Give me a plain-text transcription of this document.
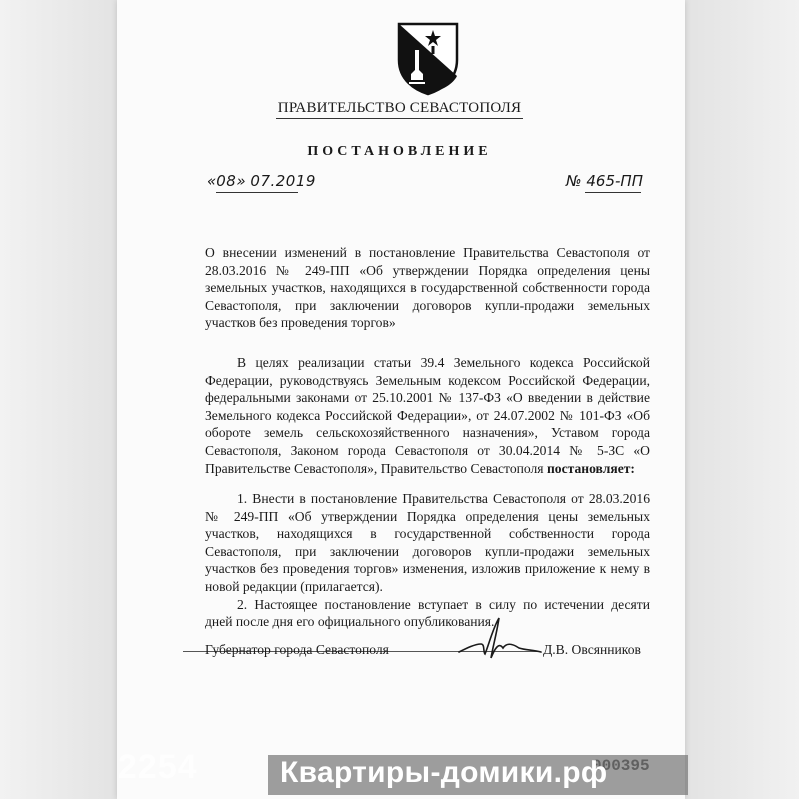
ПРАВИТЕЛЬСТВО СЕВАСТОПОЛЯ
ПОСТАНОВЛЕНИЕ
«08» 07.2019	№ 465-ПП
О внесении изменений в постановление Правительства Севастополя от 28.03.2016 № 249-ПП «Об утверждении Порядка определения цены земельных участков, находящихся в государственной собственности города Севастополя, при заключении договоров купли-продажи земельных участков без проведения торгов»

В целях реализации статьи 39.4 Земельного кодекса Российской Федерации, руководствуясь Земельным кодексом Российской Федерации, федеральными законами от 25.10.2001 № 137-ФЗ «О введении в действие Земельного кодекса Российской Федерации», от 24.07.2002 № 101-ФЗ «Об обороте земель сельскохозяйственного назначения», Уставом города Севастополя, Законом города Севастополя от 30.04.2014 № 5-ЗС «О Правительстве Севастополя», Правительство Севастополя постановляет:

1. Внести в постановление Правительства Севастополя от 28.03.2016 № 249-ПП «Об утверждении Порядка определения цены земельных участков, находящихся в государственной собственности города Севастополя, при заключении договоров купли-продажи земельных участков без проведения торгов» изменения, изложив приложение к нему в новой редакции (прилагается).

2. Настоящее постановление вступает в силу по истечении десяти дней после дня его официального опубликования.

Губернатор города Севастополя	Д.В. Овсянников
2254	Квартиры-домики.рф
